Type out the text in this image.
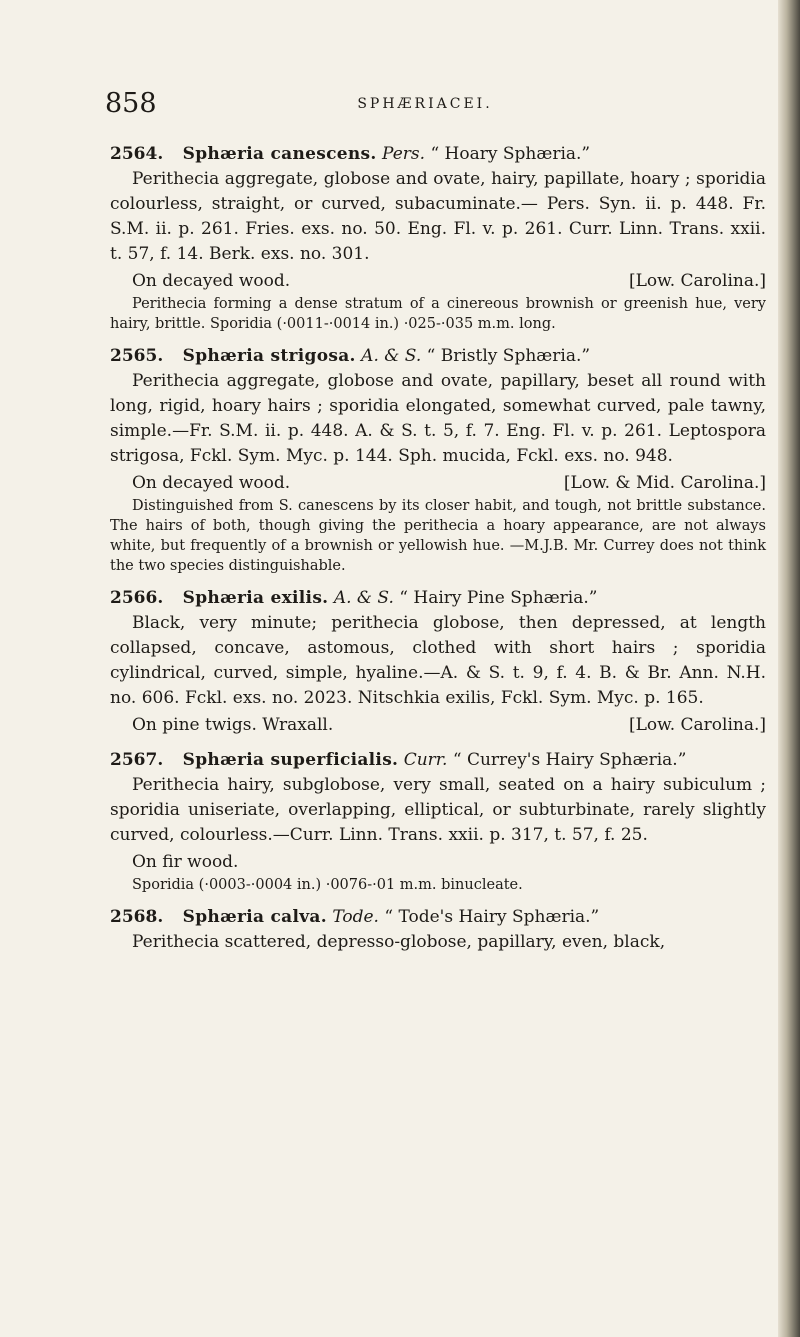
858	SPHÆRIACEI.
2564. Sphæria canescens. Pers. “ Hoary Sphæria.”

Perithecia aggregate, globose and ovate, hairy, papillate, hoary ; sporidia colourless, straight, or curved, subacuminate.— Pers. Syn. ii. p. 448. Fr. S.M. ii. p. 261. Fries. exs. no. 50. Eng. Fl. v. p. 261. Curr. Linn. Trans. xxii. t. 57, f. 14. Berk. exs. no. 301.

On decayed wood.	[Low. Carolina.]
Perithecia forming a dense stratum of a cinereous brownish or greenish hue, very hairy, brittle. Sporidia (·0011-·0014 in.) ·025-·035 m.m. long.
2565. Sphæria strigosa. A. & S. “ Bristly Sphæria.”

Perithecia aggregate, globose and ovate, papillary, beset all round with long, rigid, hoary hairs ; sporidia elongated, somewhat curved, pale tawny, simple.—Fr. S.M. ii. p. 448. A. & S. t. 5, f. 7. Eng. Fl. v. p. 261. Leptospora strigosa, Fckl. Sym. Myc. p. 144. Sph. mucida, Fckl. exs. no. 948.

On decayed wood.	[Low. & Mid. Carolina.]
Distinguished from S. canescens by its closer habit, and tough, not brittle substance. The hairs of both, though giving the perithecia a hoary appearance, are not always white, but frequently of a brownish or yellowish hue. —M.J.B. Mr. Currey does not think the two species distinguishable.
2566. Sphæria exilis. A. & S. “ Hairy Pine Sphæria.”

Black, very minute; perithecia globose, then depressed, at length collapsed, concave, astomous, clothed with short hairs ; sporidia cylindrical, curved, simple, hyaline.—A. & S. t. 9, f. 4. B. & Br. Ann. N.H. no. 606. Fckl. exs. no. 2023. Nitschkia exilis, Fckl. Sym. Myc. p. 165.

On pine twigs. Wraxall.	[Low. Carolina.]
2567. Sphæria superficialis. Curr. “ Currey's Hairy Sphæria.”

Perithecia hairy, subglobose, very small, seated on a hairy subiculum ; sporidia uniseriate, overlapping, elliptical, or subturbinate, rarely slightly curved, colourless.—Curr. Linn. Trans. xxii. p. 317, t. 57, f. 25.

On fir wood.
Sporidia (·0003-·0004 in.) ·0076-·01 m.m. binucleate.
2568. Sphæria calva. Tode. “ Tode's Hairy Sphæria.”

Perithecia scattered, depresso-globose, papillary, even, black,
